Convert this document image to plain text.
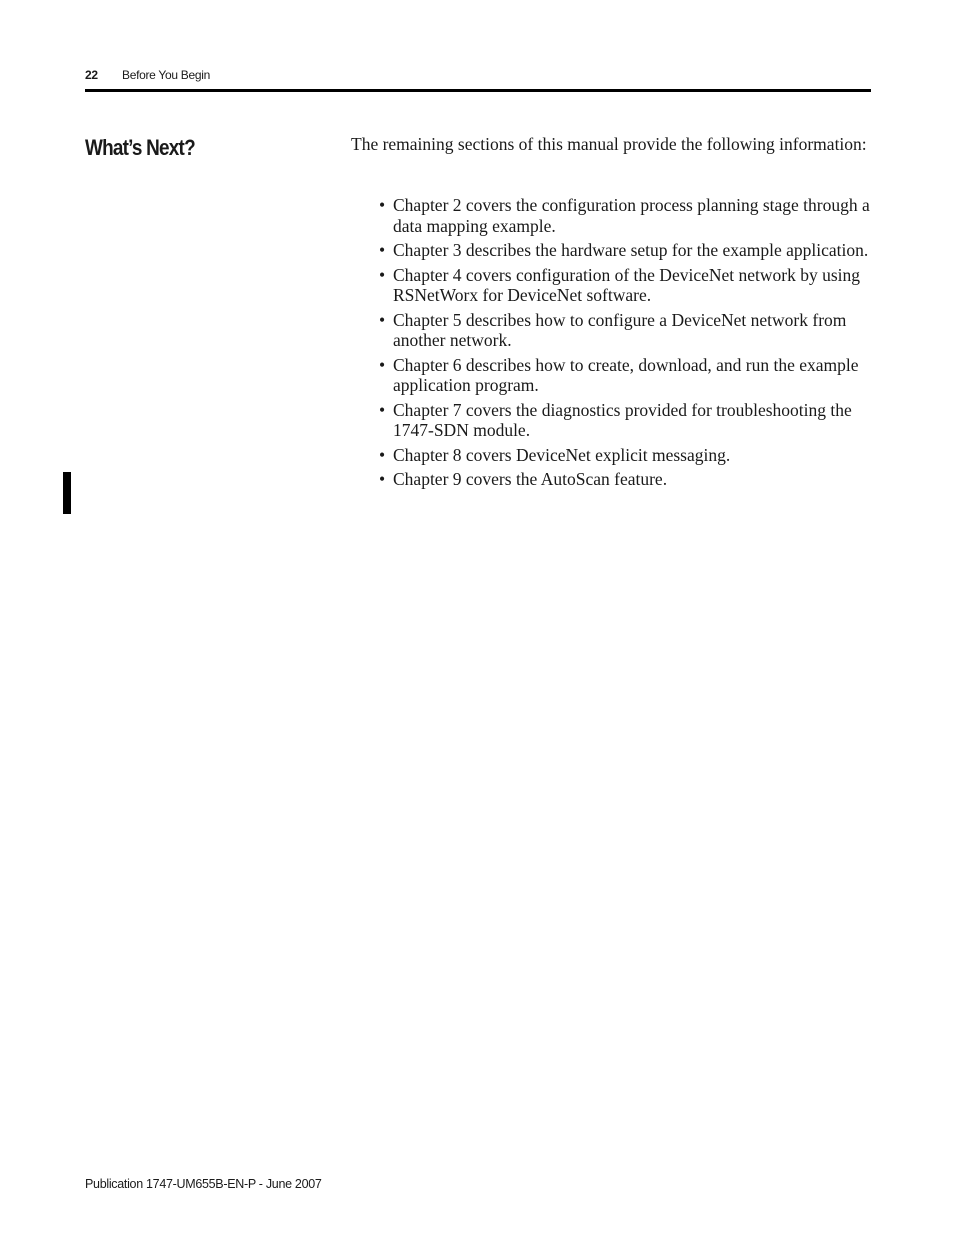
22 Before You Begin
What’s Next?	The remaining sections of this manual provide the following information:

• Chapter 2 covers the configuration process planning stage through a data mapping example.
• Chapter 3 describes the hardware setup for the example application.
• Chapter 4 covers configuration of the DeviceNet network by using RSNetWorx for DeviceNet software.
• Chapter 5 describes how to configure a DeviceNet network from another network.
• Chapter 6 describes how to create, download, and run the example application program.
• Chapter 7 covers the diagnostics provided for troubleshooting the 1747-SDN module.
• Chapter 8 covers DeviceNet explicit messaging.
• Chapter 9 covers the AutoScan feature.
Publication 1747-UM655B-EN-P - June 2007
